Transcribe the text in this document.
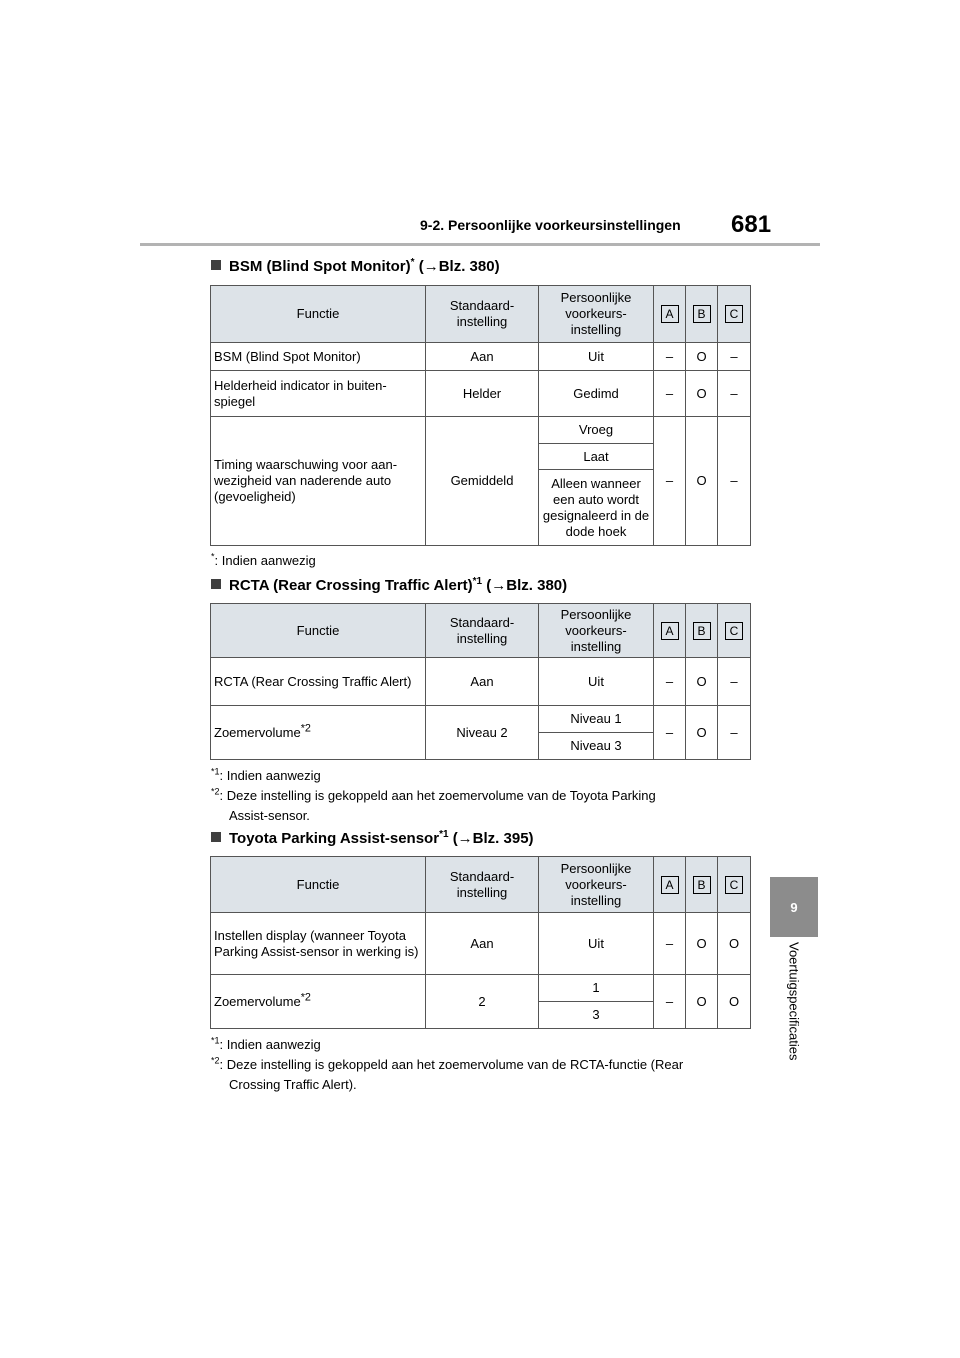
9-2. Persoonlijke voorkeursinstellingen 681
9
Voertuigspecificaties
BSM (Blind Spot Monitor)* (→Blz. 380)
Functie	Standaard-instelling	Persoonlijke voorkeurs-instelling	A	B	C
BSM (Blind Spot Monitor)	Aan	Uit	–	O	–
Helderheid indicator in buiten-spiegel	Helder	Gedimd	–	O	–
Timing waarschuwing voor aan-wezigheid van naderende auto (gevoeligheid)	Gemiddeld	Vroeg	–	O	–
		Laat			
		Alleen wanneer een auto wordt gesignaleerd in de dode hoek			
*: Indien aanwezig
RCTA (Rear Crossing Traffic Alert)$^{*1}$ (→Blz. 380)
Functie	Standaard-instelling	Persoonlijke voorkeurs-instelling	A	B	C
RCTA (Rear Crossing Traffic Alert)	Aan	Uit	–	O	–
Zoemervolume$^{*2}$	Niveau 2	Niveau 1	–	O	–
		Niveau 3			
$^{*1}$: Indien aanwezig
$^{*2}$: Deze instelling is gekoppeld aan het zoemervolume van de Toyota Parking
Assist-sensor.
Toyota Parking Assist-sensor$^{*1}$ (→Blz. 395)
Functie	Standaard-instelling	Persoonlijke voorkeurs-instelling	A	B	C
Instellen display (wanneer Toyota Parking Assist-sensor in werking is)	Aan	Uit	–	O	O
Zoemervolume$^{*2}$	2	1	–	O	O
		3			
$^{*1}$: Indien aanwezig
$^{*2}$: Deze instelling is gekoppeld aan het zoemervolume van de RCTA-functie (Rear
Crossing Traffic Alert).
